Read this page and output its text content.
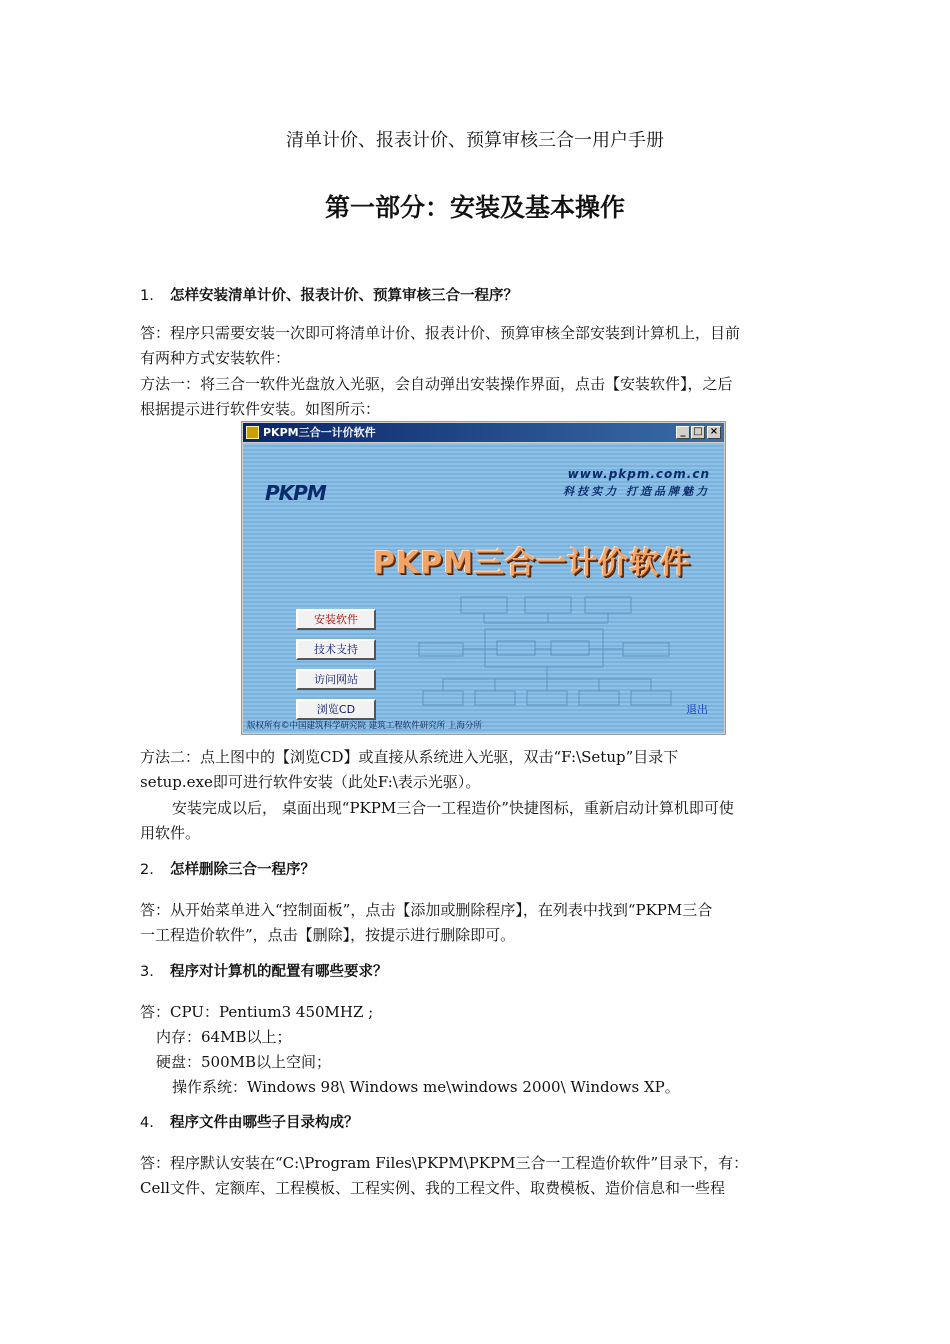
清单计价、报表计价、预算审核三合一用户手册
第一部分：安装及基本操作
1. 怎样安装清单计价、报表计价、预算审核三合一程序？
答：程序只需要安装一次即可将清单计价、报表计价、预算审核全部安装到计算机上，目前
有两种方式安装软件：
方法一：将三合一软件光盘放入光驱，会自动弹出安装操作界面，点击【安装软件】，之后
根据提示进行软件安装。如图所示：
PKPM三合一计价软件	_ □ ×
PKPM
www.pkpm.com.cn
科技实力 打造品牌魅力
PKPM三合一计价软件
安装软件
技术支持
访问网站
浏览CD	退出
版权所有©中国建筑科学研究院 建筑工程软件研究所 上海分所
方法二：点上图中的【浏览CD】或直接从系统进入光驱，双击“F:\Setup”目录下
setup.exe即可进行软件安装（此处F:\表示光驱）。
安装完成以后， 桌面出现“PKPM三合一工程造价”快捷图标，重新启动计算机即可使
用软件。
2. 怎样删除三合一程序？
答：从开始菜单进入“控制面板”，点击【添加或删除程序】，在列表中找到“PKPM三合
一工程造价软件”，点击【删除】，按提示进行删除即可。
3. 程序对计算机的配置有哪些要求？
答：CPU：Pentium3 450MHZ ;
内存：64MB以上；
硬盘：500MB以上空间；
操作系统：Windows 98\ Windows me\windows 2000\ Windows XP。
4. 程序文件由哪些子目录构成？
答：程序默认安装在“C:\Program Files\PKPM\PKPM三合一工程造价软件”目录下，有：
Cell文件、定额库、工程模板、工程实例、我的工程文件、取费模板、造价信息和一些程
